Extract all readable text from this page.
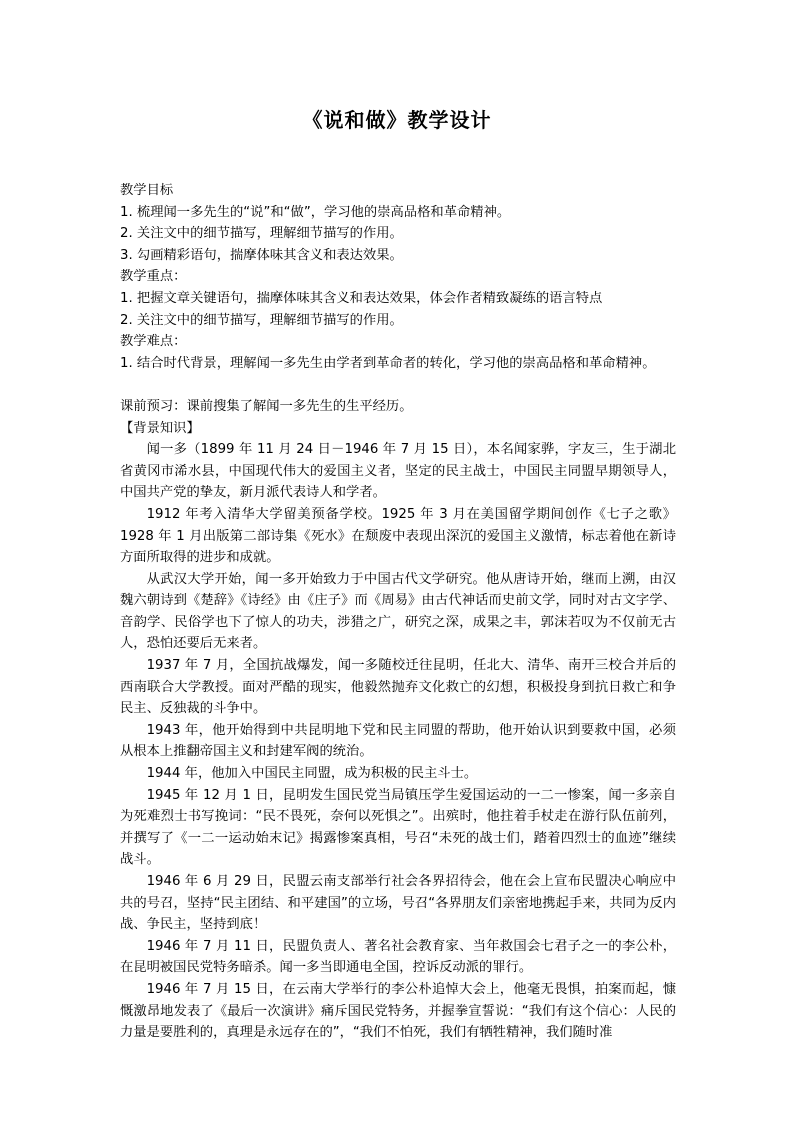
《说和做》教学设计
教学目标
1. 梳理闻一多先生的“说”和“做”，学习他的崇高品格和革命精神。
2. 关注文中的细节描写，理解细节描写的作用。
3. 勾画精彩语句，揣摩体味其含义和表达效果。
教学重点：
1. 把握文章关键语句，揣摩体味其含义和表达效果，体会作者精致凝练的语言特点
2. 关注文中的细节描写，理解细节描写的作用。
教学难点：
1. 结合时代背景，理解闻一多先生由学者到革命者的转化，学习他的崇高品格和革命精神。
课前预习：课前搜集了解闻一多先生的生平经历。
【背景知识】

闻一多（1899 年 11 月 24 日－1946 年 7 月 15 日），本名闻家骅，字友三，生于湖北省黄冈市浠水县，中国现代伟大的爱国主义者，坚定的民主战士，中国民主同盟早期领导人，中国共产党的挚友，新月派代表诗人和学者。

1912 年考入清华大学留美预备学校。1925 年 3 月在美国留学期间创作《七子之歌》1928 年 1 月出版第二部诗集《死水》在颓废中表现出深沉的爱国主义激情，标志着他在新诗方面所取得的进步和成就。

从武汉大学开始，闻一多开始致力于中国古代文学研究。他从唐诗开始，继而上溯，由汉魏六朝诗到《楚辞》《诗经》由《庄子》而《周易》由古代神话而史前文学，同时对古文字学、音韵学、民俗学也下了惊人的功夫，涉猎之广，研究之深，成果之丰，郭沫若叹为不仅前无古人，恐怕还要后无来者。

1937 年 7 月，全国抗战爆发，闻一多随校迁往昆明，任北大、清华、南开三校合并后的西南联合大学教授。面对严酷的现实，他毅然抛弃文化救亡的幻想，积极投身到抗日救亡和争民主、反独裁的斗争中。

1943 年，他开始得到中共昆明地下党和民主同盟的帮助，他开始认识到要救中国，必须从根本上推翻帝国主义和封建军阀的统治。

1944 年，他加入中国民主同盟，成为积极的民主斗士。

1945 年 12 月 1 日，昆明发生国民党当局镇压学生爱国运动的一二一惨案，闻一多亲自为死难烈士书写挽词：“民不畏死，奈何以死惧之”。出殡时，他拄着手杖走在游行队伍前列，并撰写了《一二一运动始末记》揭露惨案真相，号召“未死的战士们，踏着四烈士的血迹”继续战斗。

1946 年 6 月 29 日，民盟云南支部举行社会各界招待会，他在会上宣布民盟决心响应中共的号召，坚持“民主团结、和平建国”的立场，号召“各界朋友们亲密地携起手来，共同为反内战、争民主，坚持到底！

1946 年 7 月 11 日，民盟负责人、著名社会教育家、当年救国会七君子之一的李公朴，在昆明被国民党特务暗杀。闻一多当即通电全国，控诉反动派的罪行。

1946 年 7 月 15 日，在云南大学举行的李公朴追悼大会上，他毫无畏惧，拍案而起，慷慨激昂地发表了《最后一次演讲》痛斥国民党特务，并握拳宣誓说：“我们有这个信心：人民的力量是要胜利的，真理是永远存在的”，“我们不怕死，我们有牺牲精神，我们随时准
